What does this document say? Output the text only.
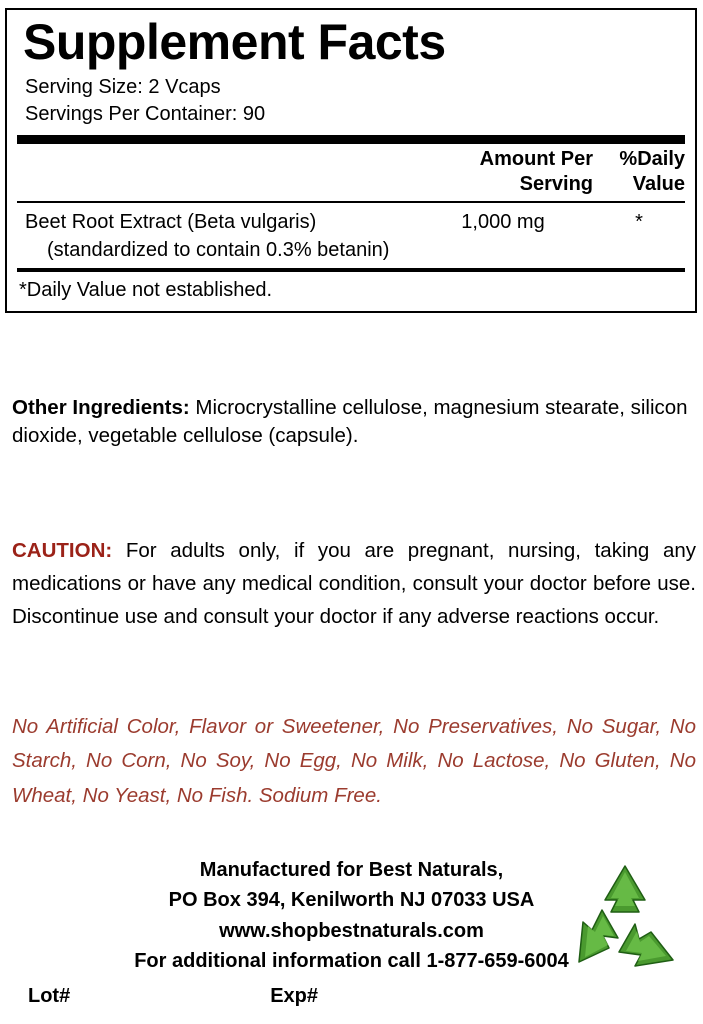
Supplement Facts
Serving Size: 2 Vcaps
Servings Per Container: 90
Amount Per
Serving
%Daily
Value
Beet Root Extract (Beta vulgaris)
(standardized to contain 0.3% betanin)
1,000 mg	*
*Daily Value not established.
Other Ingredients: Microcrystalline cellulose, magnesium stearate, silicon dioxide, vegetable cellulose (capsule).
CAUTION: For adults only, if you are pregnant, nursing, taking any medications or have any medical condition, consult your doctor before use. Discontinue use and consult your doctor if any adverse reactions occur.
No Artificial Color, Flavor or Sweetener, No Preservatives, No Sugar, No Starch, No Corn, No Soy, No Egg, No Milk, No Lactose, No Gluten, No Wheat, No Yeast, No Fish. Sodium Free.
Manufactured for Best Naturals,
PO Box 394, Kenilworth NJ 07033 USA
www.shopbestnaturals.com
For additional information call 1-877-659-6004
Lot#	Exp#
